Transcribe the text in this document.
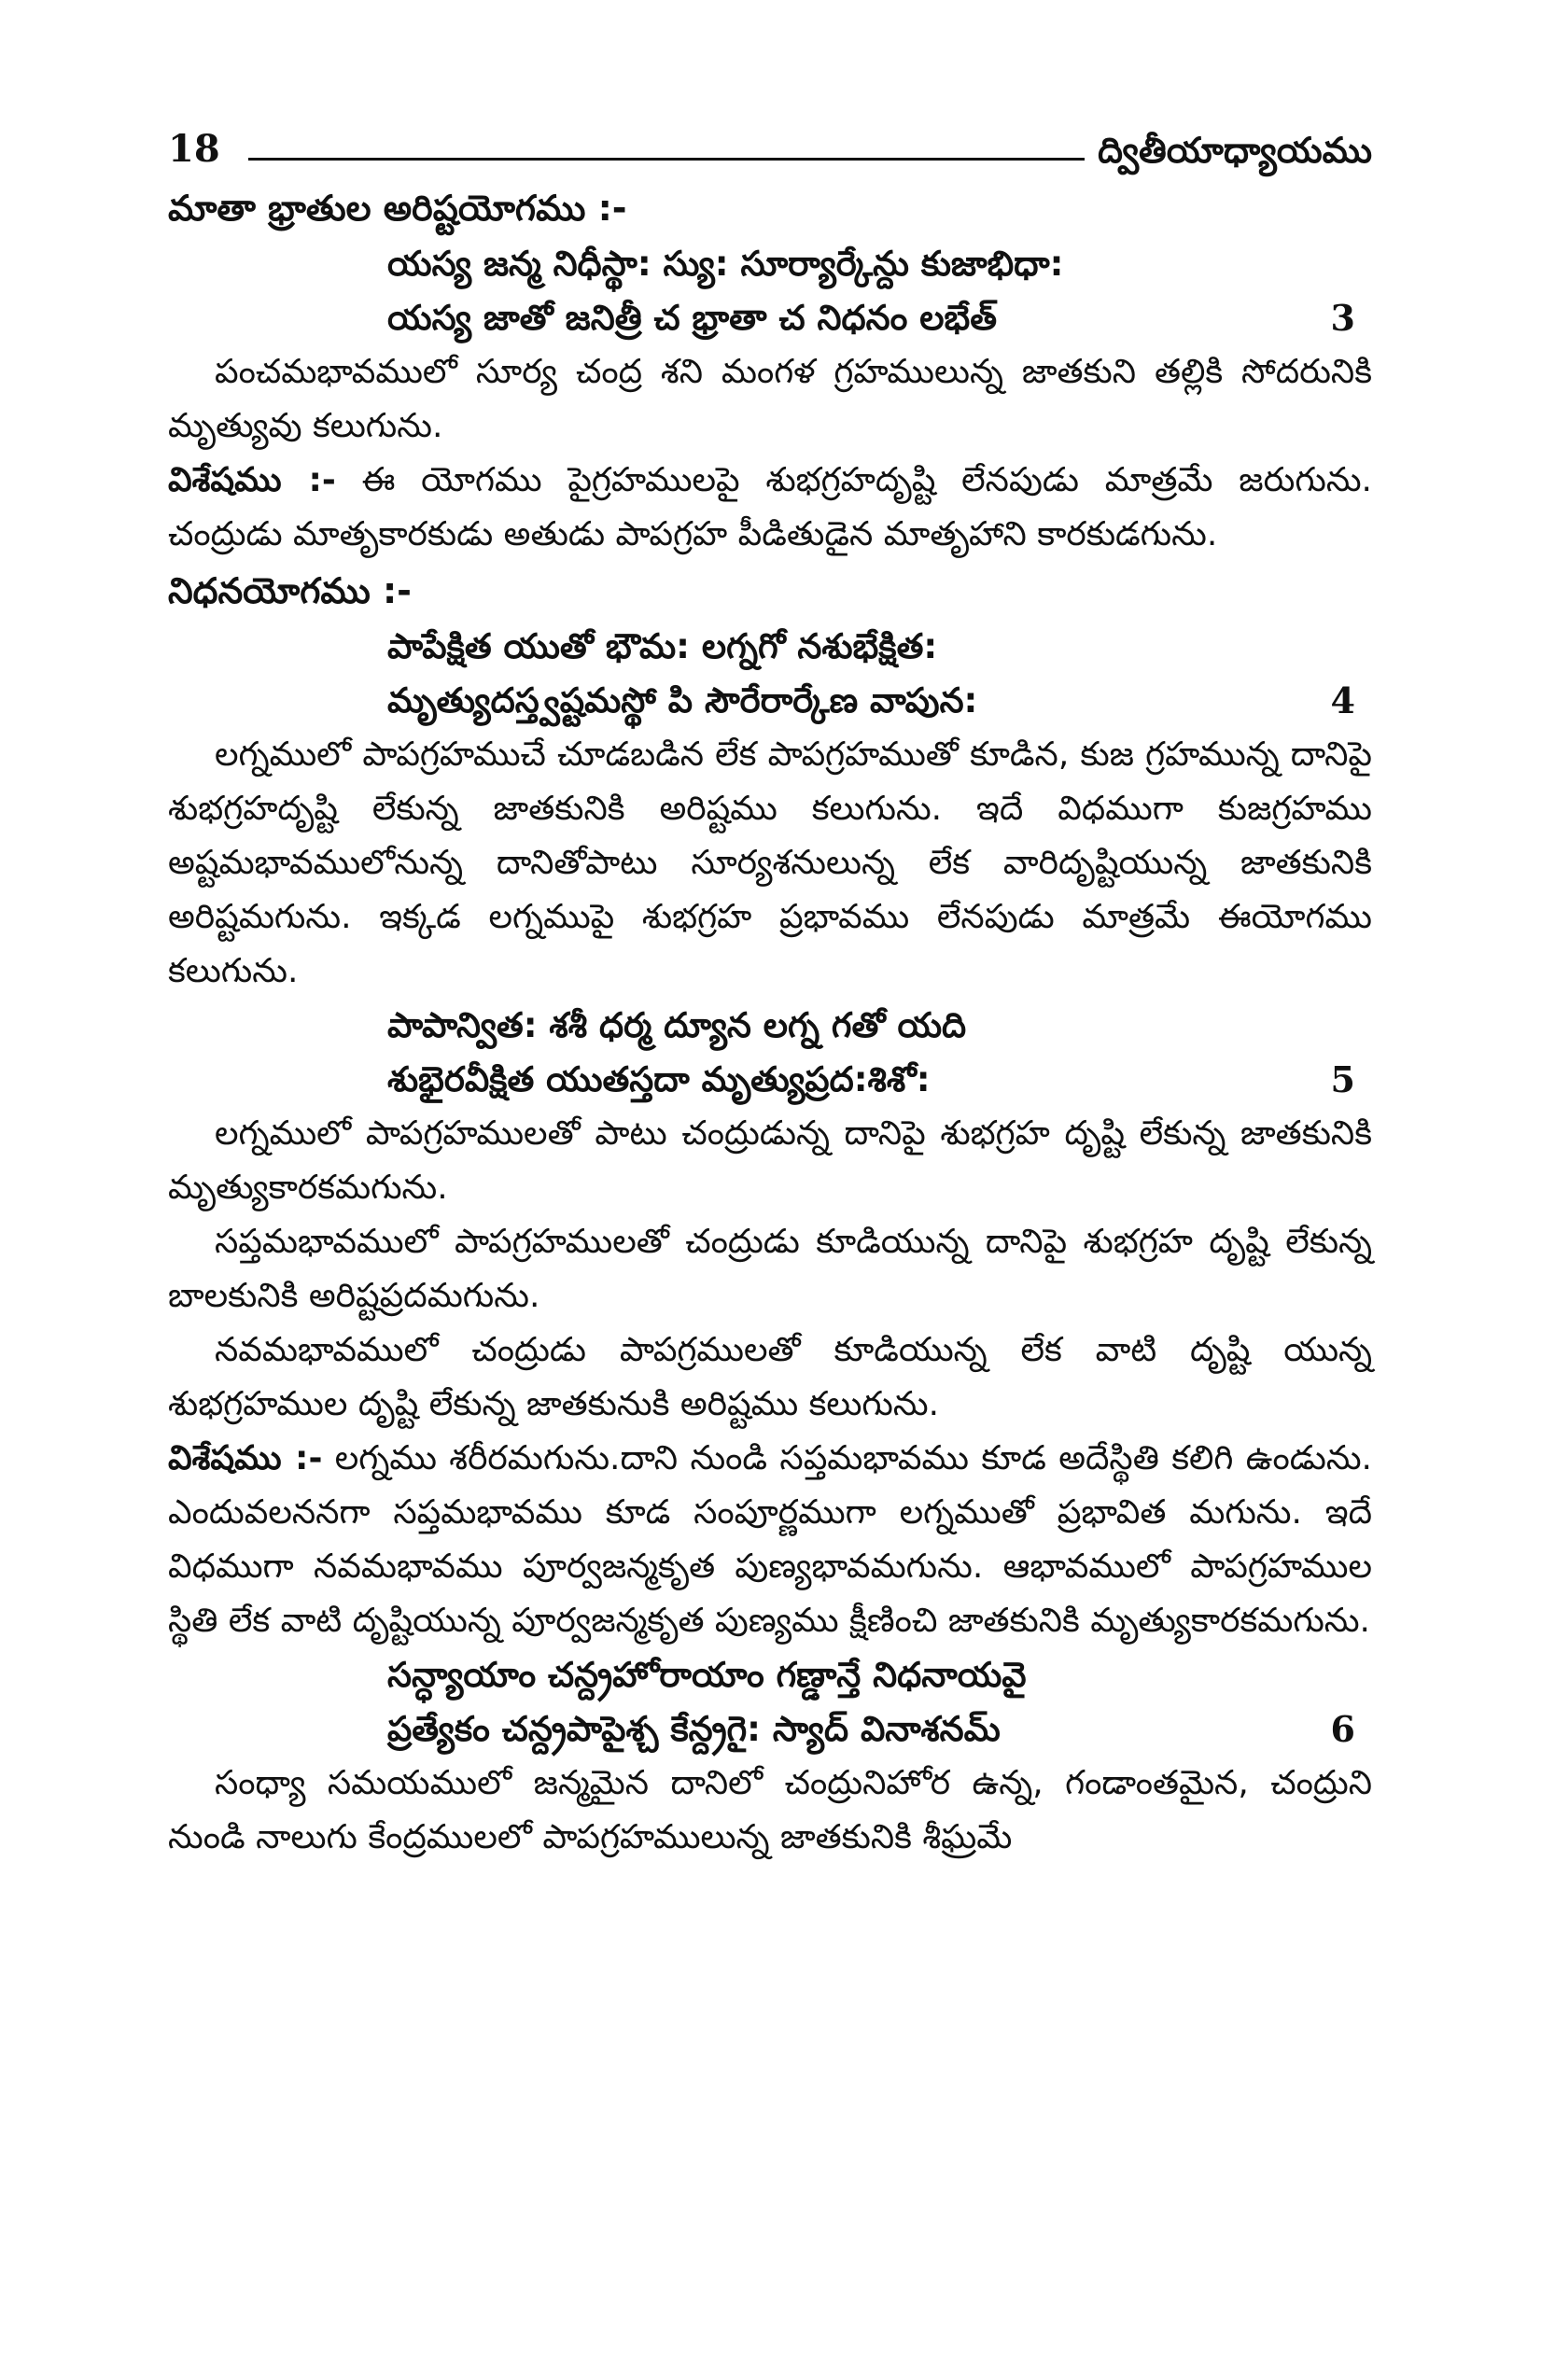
18	ద్వితీయాధ్యాయము
మాతా భ్రాతుల అరిష్టయోగము :-
యస్య జన్మ నిధీస్థా: స్యు: సూర్యార్కేన్దు కుజాభిధా:
యస్య జాతో జనిత్రీ చ భ్రాతా చ నిధనం లభేత్	3

పంచమభావములో సూర్య చంద్ర శని మంగళ గ్రహములున్న జాతకుని తల్లికి సోదరునికి మృత్యువు కలుగును.

విశేషము :- ఈ యోగము పైగ్రహములపై శుభగ్రహదృష్టి లేనపుడు మాత్రమే జరుగును. చంద్రుడు మాతృకారకుడు అతుడు పాపగ్రహ పీడితుడైన మాతృహాని కారకుడగును.

నిధనయోగము :-
పాపేక్షిత యుతో భౌమ: లగ్నగో నశుభేక్షిత:
మృత్యుదస్త్వష్టమస్థో పి సౌరేరార్కేణ వాపున:	4

లగ్నములో పాపగ్రహముచే చూడబడిన లేక పాపగ్రహముతో కూడిన, కుజ గ్రహమున్న దానిపై శుభగ్రహదృష్టి లేకున్న జాతకునికి అరిష్టము కలుగును. ఇదే విధముగా కుజగ్రహము అష్టమభావములోనున్న దానితోపాటు సూర్యశనులున్న లేక వారిదృష్టియున్న జాతకునికి అరిష్టమగును. ఇక్కడ లగ్నముపై శుభగ్రహ ప్రభావము లేనపుడు మాత్రమే ఈయోగము కలుగును.

పాపాన్విత: శశీ ధర్మ ద్యూన లగ్న గతో యది
శుభైరవీక్షిత యుతస్తదా మృత్యుప్రద:శిశో:	5

లగ్నములో పాపగ్రహములతో పాటు చంద్రుడున్న దానిపై శుభగ్రహ దృష్టి లేకున్న జాతకునికి మృత్యుకారకమగును.

సప్తమభావములో పాపగ్రహములతో చంద్రుడు కూడియున్న దానిపై శుభగ్రహ దృష్టి లేకున్న బాలకునికి అరిష్టప్రదమగును.

నవమభావములో చంద్రుడు పాపగ్రములతో కూడియున్న లేక వాటి దృష్టి యున్న శుభగ్రహముల దృష్టి లేకున్న జాతకునుకి అరిష్టము కలుగును.

విశేషము :- లగ్నము శరీరమగును.దాని నుండి సప్తమభావము కూడ అదేస్థితి కలిగి ఉండును. ఎందువలననగా సప్తమభావము కూడ సంపూర్ణముగా లగ్నముతో ప్రభావిత మగును. ఇదే విధముగా నవమభావము పూర్వజన్మకృత పుణ్యభావమగును. ఆభావములో పాపగ్రహముల స్థితి లేక వాటి దృష్టియున్న పూర్వజన్మకృత పుణ్యము క్షీణించి జాతకునికి మృత్యుకారకమగును.

సన్ధ్యాయాం చన్ద్రహోరాయాం గణ్డాన్తే నిధనాయవై
ప్రత్యేకం చన్ద్రపాపైశ్చ కేన్ద్రగై: స్యాద్ వినాశనమ్	6

సంధ్యా సమయములో జన్మమైన దానిలో చంద్రునిహోర ఉన్న, గండాంతమైన, చంద్రుని నుండి నాలుగు కేంద్రములలో పాపగ్రహములున్న జాతకునికి శీఘ్రమే
